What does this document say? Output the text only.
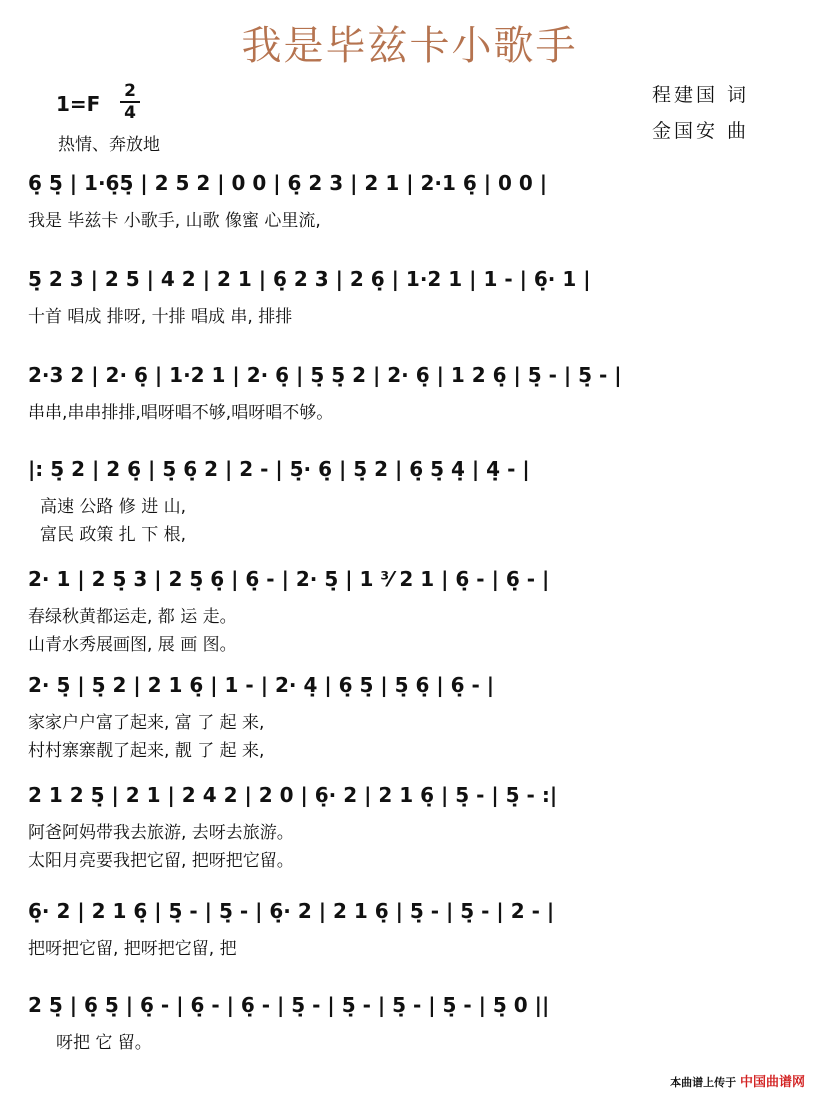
我是毕兹卡小歌手
1=F
2
4
热情、奔放地
程建国 词
金国安 曲
6̣ 5̣ | 1·6̣5̣ | 2 5 2 | 0 0 | 6̣ 2 3 | 2 1 | 2·1 6̣ | 0 0 |
我是 毕兹卡 小歌手, 山歌 像蜜 心里流,
5̣ 2 3 | 2 5 | 4 2 | 2 1 | 6̣ 2 3 | 2 6̣ | 1·2 1 | 1 - | 6̣· 1 |
十首 唱成 排呀, 十排 唱成 串, 排排
2·3 2 | 2· 6̣ | 1·2 1 | 2· 6̣ | 5̣ 5̣ 2 | 2· 6̣ | 1 2 6̣ | 5̣ - | 5̣ - |
串串,串串排排,唱呀唱不够,唱呀唱不够。
|: 5̣ 2 | 2 6̣ | 5̣ 6̣ 2 | 2 - | 5̣· 6̣ | 5̣ 2 | 6̣ 5̣ 4̣ | 4̣ - |
高速 公路 修 进 山,
富民 政策 扎 下 根,
2· 1 | 2 5̣ 3 | 2 5̣ 6̣ | 6̣ - | 2· 5̣ | 1 ³⁄ 2 1 | 6̣ - | 6̣ - |
春绿秋黄都运走, 都 运 走。
山青水秀展画图, 展 画 图。
2· 5̣ | 5̣ 2 | 2 1 6̣ | 1 - | 2· 4̣ | 6̣ 5̣ | 5̣ 6̣ | 6̣ - |
家家户户富了起来, 富 了 起 来,
村村寨寨靓了起来, 靓 了 起 来,
2 1 2 5̣ | 2 1 | 2 4 2 | 2 0 | 6̣· 2 | 2 1 6̣ | 5̣ - | 5̣ - :|
阿爸阿妈带我去旅游, 去呀去旅游。
太阳月亮要我把它留, 把呀把它留。
6̣· 2 | 2 1 6̣ | 5̣ - | 5̣ - | 6̣· 2 | 2 1 6̣ | 5̣ - | 5̣ - | 2 - |
把呀把它留, 把呀把它留, 把
2 5̣ | 6̣ 5̣ | 6̣ - | 6̣ - | 6̣ - | 5̣ - | 5̣ - | 5̣ - | 5̣ - | 5̣ 0 ||
呀把 它 留。
本曲谱上传于 中国曲谱网
